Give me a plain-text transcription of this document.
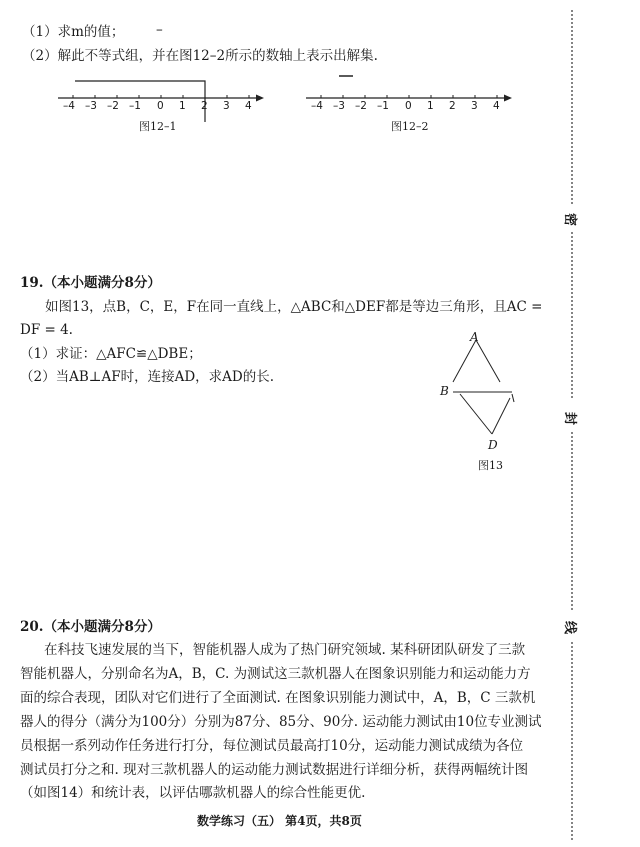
（1）求m的值； –
（2）解此不等式组，并在图12–2所示的数轴上表示出解集.
–4 –3 –2 –1 0 1 2 3 4
图12–1
–4 –3 –2 –1 0 1 2 3 4
图12–2
19.（本小题满分8分）
如图13，点B，C，E，F在同一直线上，△ABC和△DEF都是等边三角形，且AC =
DF = 4.
（1）求证：△AFC≌△DBE；
（2）当AB⊥AF时，连接AD，求AD的长.
A
B
D
图13
20.（本小题满分8分）
在科技飞速发展的当下，智能机器人成为了热门研究领域. 某科研团队研发了三款
智能机器人，分别命名为A，B，C. 为测试这三款机器人在图象识别能力和运动能力方
面的综合表现，团队对它们进行了全面测试. 在图象识别能力测试中，A，B，C 三款机
器人的得分（满分为100分）分别为87分、85分、90分. 运动能力测试由10位专业测试
员根据一系列动作任务进行打分，每位测试员最高打10分，运动能力测试成绩为各位
测试员打分之和. 现对三款机器人的运动能力测试数据进行详细分析，获得两幅统计图
（如图14）和统计表，以评估哪款机器人的综合性能更优.
密
封
线
数学练习（五） 第4页，共8页
